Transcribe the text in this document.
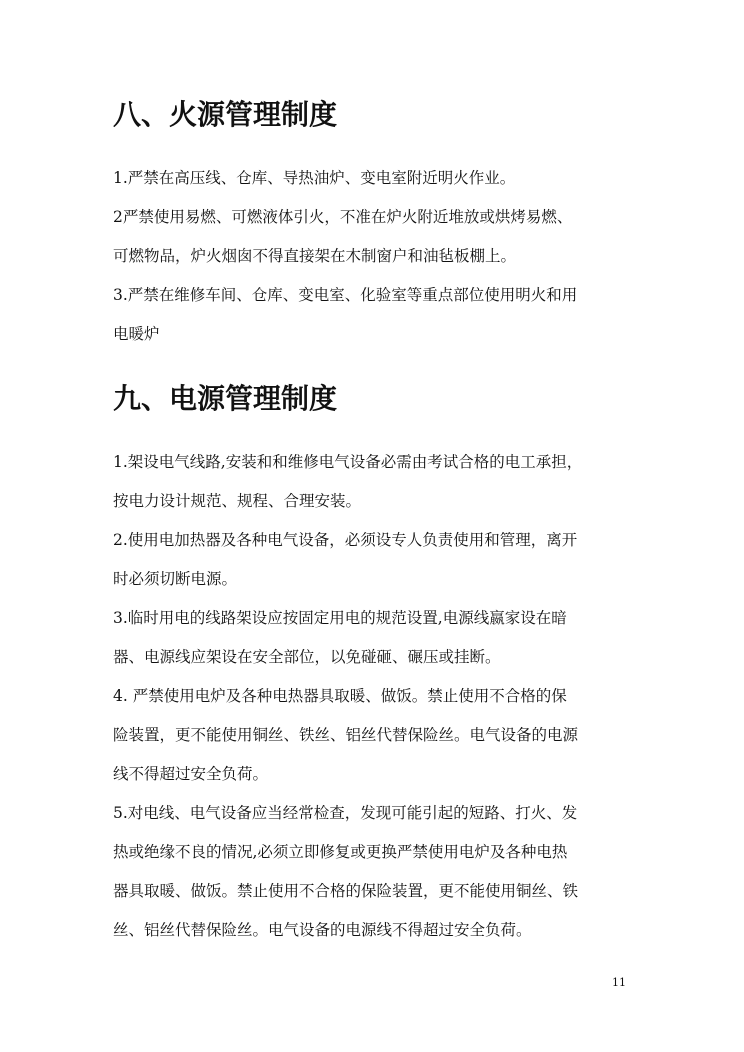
八、火源管理制度

1.严禁在高压线、仓库、导热油炉、变电室附近明火作业。

2严禁使用易燃、可燃液体引火，不准在炉火附近堆放或烘烤易燃、
可燃物品，炉火烟囱不得直接架在木制窗户和油毡板棚上。

3.严禁在维修车间、仓库、变电室、化验室等重点部位使用明火和用
电暖炉

九、电源管理制度

1.架设电气线路,安装和和维修电气设备必需由考试合格的电工承担，
按电力设计规范、规程、合理安装。

2.使用电加热器及各种电气设备，必须设专人负责使用和管理，离开
时必须切断电源。

3.临时用电的线路架设应按固定用电的规范设置,电源线嬴家设在暗
器、电源线应架设在安全部位，以免碰砸、碾压或挂断。

4. 严禁使用电炉及各种电热器具取暖、做饭。禁止使用不合格的保
险装置，更不能使用铜丝、铁丝、铝丝代替保险丝。电气设备的电源
线不得超过安全负荷。

5.对电线、电气设备应当经常检查，发现可能引起的短路、打火、发
热或绝缘不良的情况,必须立即修复或更换严禁使用电炉及各种电热
器具取暖、做饭。禁止使用不合格的保险装置，更不能使用铜丝、铁
丝、铝丝代替保险丝。电气设备的电源线不得超过安全负荷。

11
